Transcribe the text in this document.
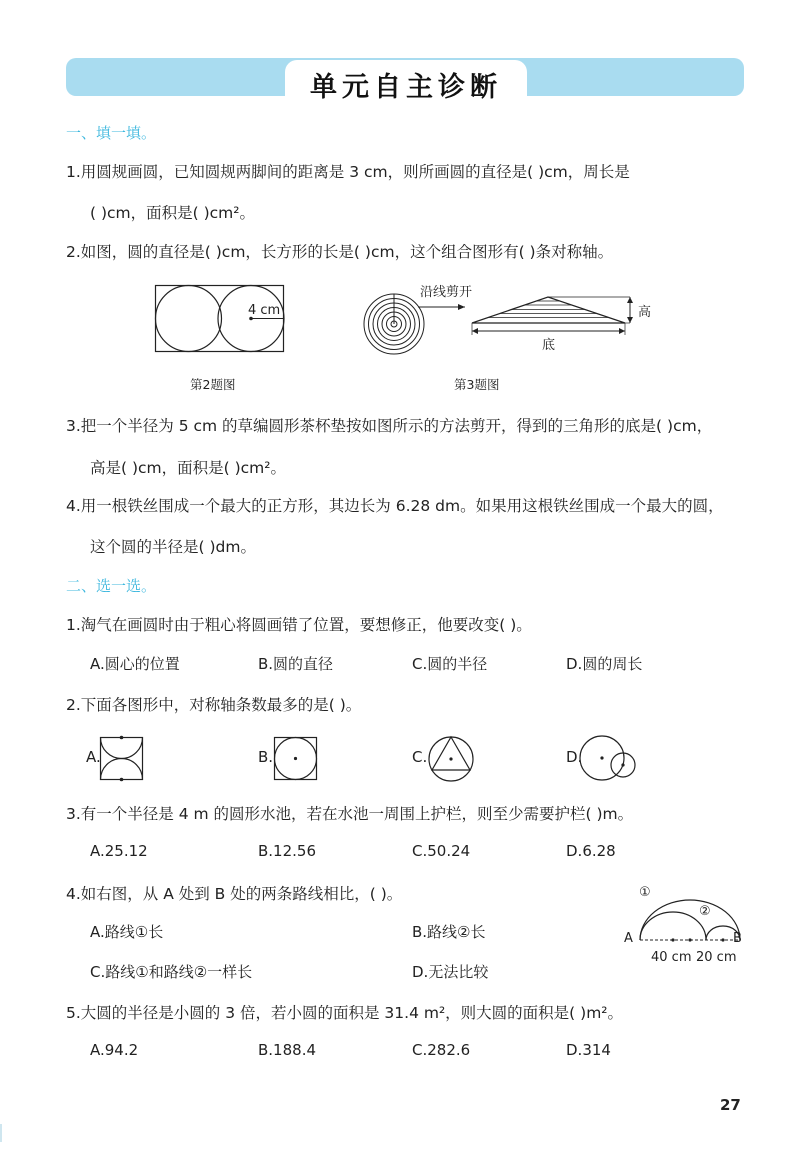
单元自主诊断
一、填一填。
1.用圆规画圆，已知圆规两脚间的距离是 3 cm，则所画圆的直径是( )cm，周长是
( )cm，面积是( )cm²。
2.如图，圆的直径是( )cm，长方形的长是( )cm，这个组合图形有( )条对称轴。
4 cm
第2题图
沿线剪开
高
底
第3题图
3.把一个半径为 5 cm 的草编圆形茶杯垫按如图所示的方法剪开，得到的三角形的底是( )cm，
高是( )cm，面积是( )cm²。
4.用一根铁丝围成一个最大的正方形，其边长为 6.28 dm。如果用这根铁丝围成一个最大的圆，
这个圆的半径是( )dm。
二、选一选。
1.淘气在画圆时由于粗心将圆画错了位置，要想修正，他要改变( )。
A.圆心的位置	B.圆的直径	C.圆的半径	D.圆的周长
2.下面各图形中，对称轴条数最多的是( )。
A.	B.	C.	D.
3.有一个半径是 4 m 的圆形水池，若在水池一周围上护栏，则至少需要护栏( )m。
A.25.12	B.12.56	C.50.24	D.6.28
4.如右图，从 A 处到 B 处的两条路线相比，( )。
A.路线①长	B.路线②长
C.路线①和路线②一样长	D.无法比较
①
②
A	B
40 cm 20 cm
5.大圆的半径是小圆的 3 倍，若小圆的面积是 31.4 m²，则大圆的面积是( )m²。
A.94.2	B.188.4	C.282.6	D.314
27
